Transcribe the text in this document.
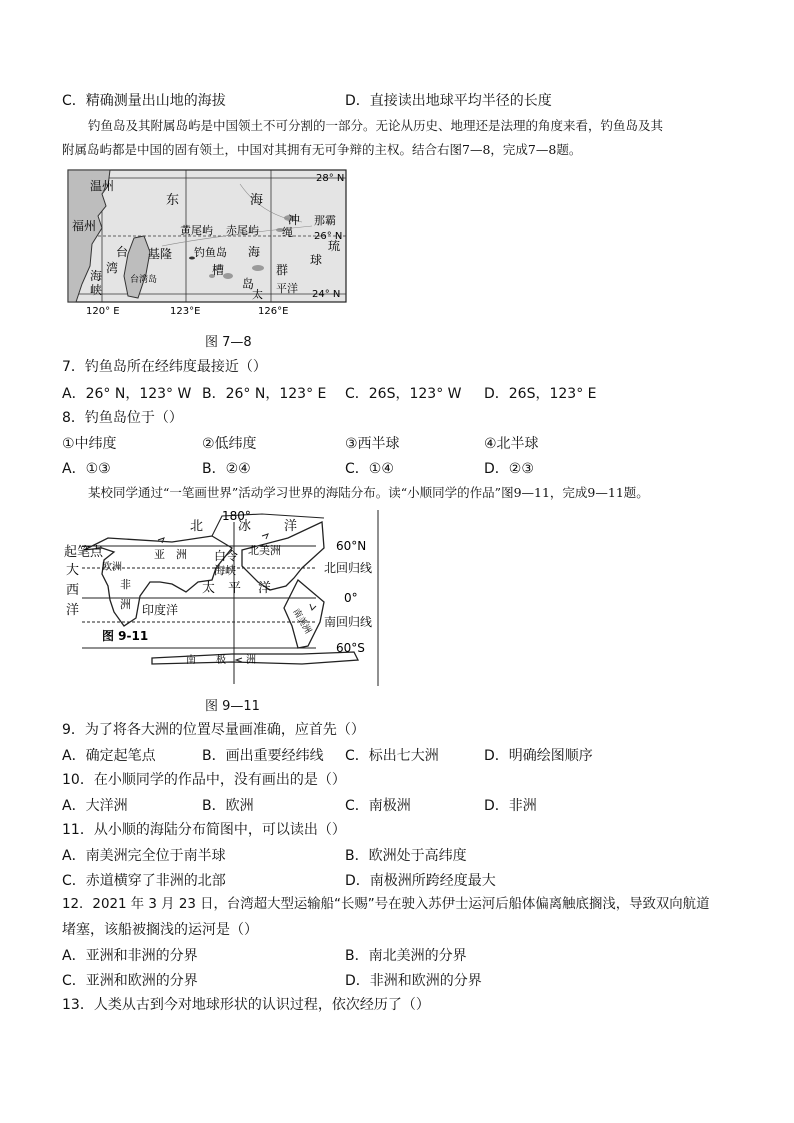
C．精确测量出山地的海拔	D．直接读出地球平均半径的长度
钓鱼岛及其附属岛屿是中国领土不可分割的一部分。无论从历史、地理还是法理的角度来看，钓鱼岛及其
附属岛屿都是中国的固有领土，中国对其拥有无可争辩的主权。结合右图7—8，完成7—8题。
28° N
26° N
24° N
120° E	123°E	126°E
温州
福州
东	海
黄尾屿 赤尾屿
钓鱼岛
冲
绳
海
槽
岛
群
那霸
琉
球
台
湾
海
峡
基隆
台湾岛
太 平洋
图 7—8
7．钓鱼岛所在经纬度最接近（）
A．26° N，123° W B．26° N，123° E C．26S，123° W D．26S，123° E
8．钓鱼岛位于（）
①中纬度	②低纬度	③西半球	④北半球
A．①③	B．②④	C．①④	D．②③
某校同学通过“一笔画世界”活动学习世界的海陆分布。读“小顺同学的作品”图9—11，完成9—11题。
180°
北	冰	洋
起笔点	亚　洲	北美洲
欧洲
非
洲
大
西
洋	印度洋
白令
海峡
太 平 洋
南美洲
南　　极　　洲
图 9-11
60°N
北回归线
0°
南回归线
60°S
图 9—11
9．为了将各大洲的位置尽量画准确，应首先（）
A．确定起笔点	B．画出重要经纬线 C．标出七大洲	D．明确绘图顺序
10．在小顺同学的作品中，没有画出的是（）
A．大洋洲	B．欧洲	C．南极洲	D．非洲
11．从小顺的海陆分布简图中，可以读出（）
A．南美洲完全位于南半球	B．欧洲处于高纬度
C．赤道横穿了非洲的北部	D．南极洲所跨经度最大
12．2021 年 3 月 23 日，台湾超大型运输船“长赐”号在驶入苏伊士运河后船体偏离触底搁浅，导致双向航道
堵塞，该船被搁浅的运河是（）
A．亚洲和非洲的分界	B．南北美洲的分界
C．亚洲和欧洲的分界	D．非洲和欧洲的分界
13．人类从古到今对地球形状的认识过程，依次经历了（）
